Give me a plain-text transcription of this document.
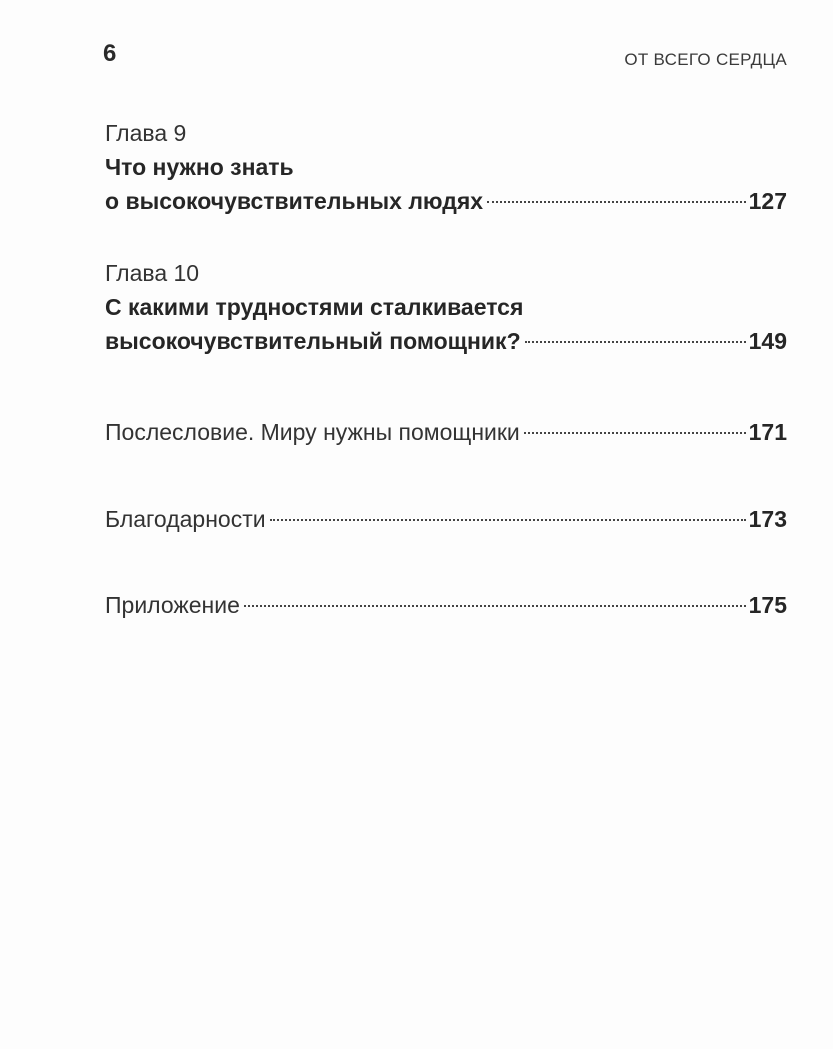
6	ОТ ВСЕГО СЕРДЦА
Глава 9
Что нужно знать
о высокочувствительных людях	127
Глава 10
С какими трудностями сталкивается
высокочувствительный помощник?	149
Послесловие. Миру нужны помощники	171
Благодарности	173
Приложение	175
